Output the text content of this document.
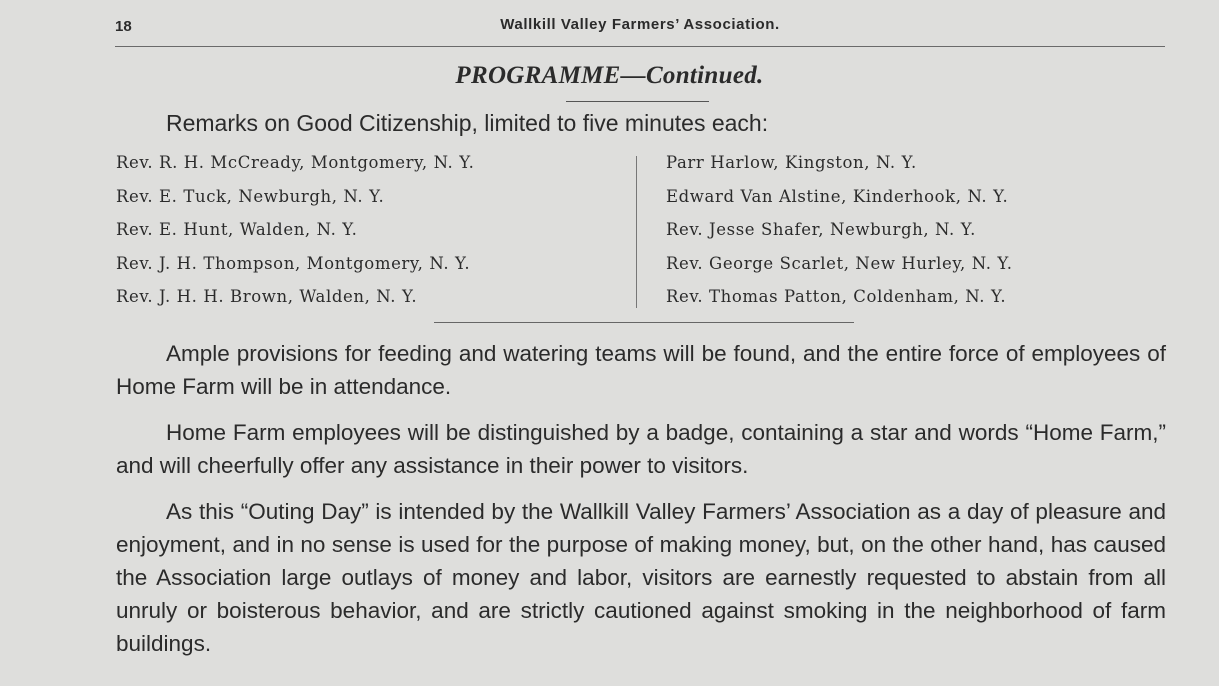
18	Wallkill Valley Farmers’ Association.
PROGRAMME—Continued.
Remarks on Good Citizenship, limited to five minutes each:
Rev. R. H. McCready, Montgomery, N. Y.
Rev. E. Tuck, Newburgh, N. Y.
Rev. E. Hunt, Walden, N. Y.
Rev. J. H. Thompson, Montgomery, N. Y.
Rev. J. H. H. Brown, Walden, N. Y.
Parr Harlow, Kingston, N. Y.
Edward Van Alstine, Kinderhook, N. Y.
Rev. Jesse Shafer, Newburgh, N. Y.
Rev. George Scarlet, New Hurley, N. Y.
Rev. Thomas Patton, Coldenham, N. Y.

Ample provisions for feeding and watering teams will be found, and the entire force of employees of Home Farm will be in attendance.

Home Farm employees will be distinguished by a badge, containing a star and words “Home Farm,” and will cheerfully offer any assistance in their power to visitors.

As this “Outing Day” is intended by the Wallkill Valley Farmers’ Association as a day of pleasure and enjoyment, and in no sense is used for the purpose of making money, but, on the other hand, has caused the Association large outlays of money and labor, visitors are earnestly requested to abstain from all unruly or boisterous behavior, and are strictly cautioned against smoking in the neighborhood of farm buildings.
